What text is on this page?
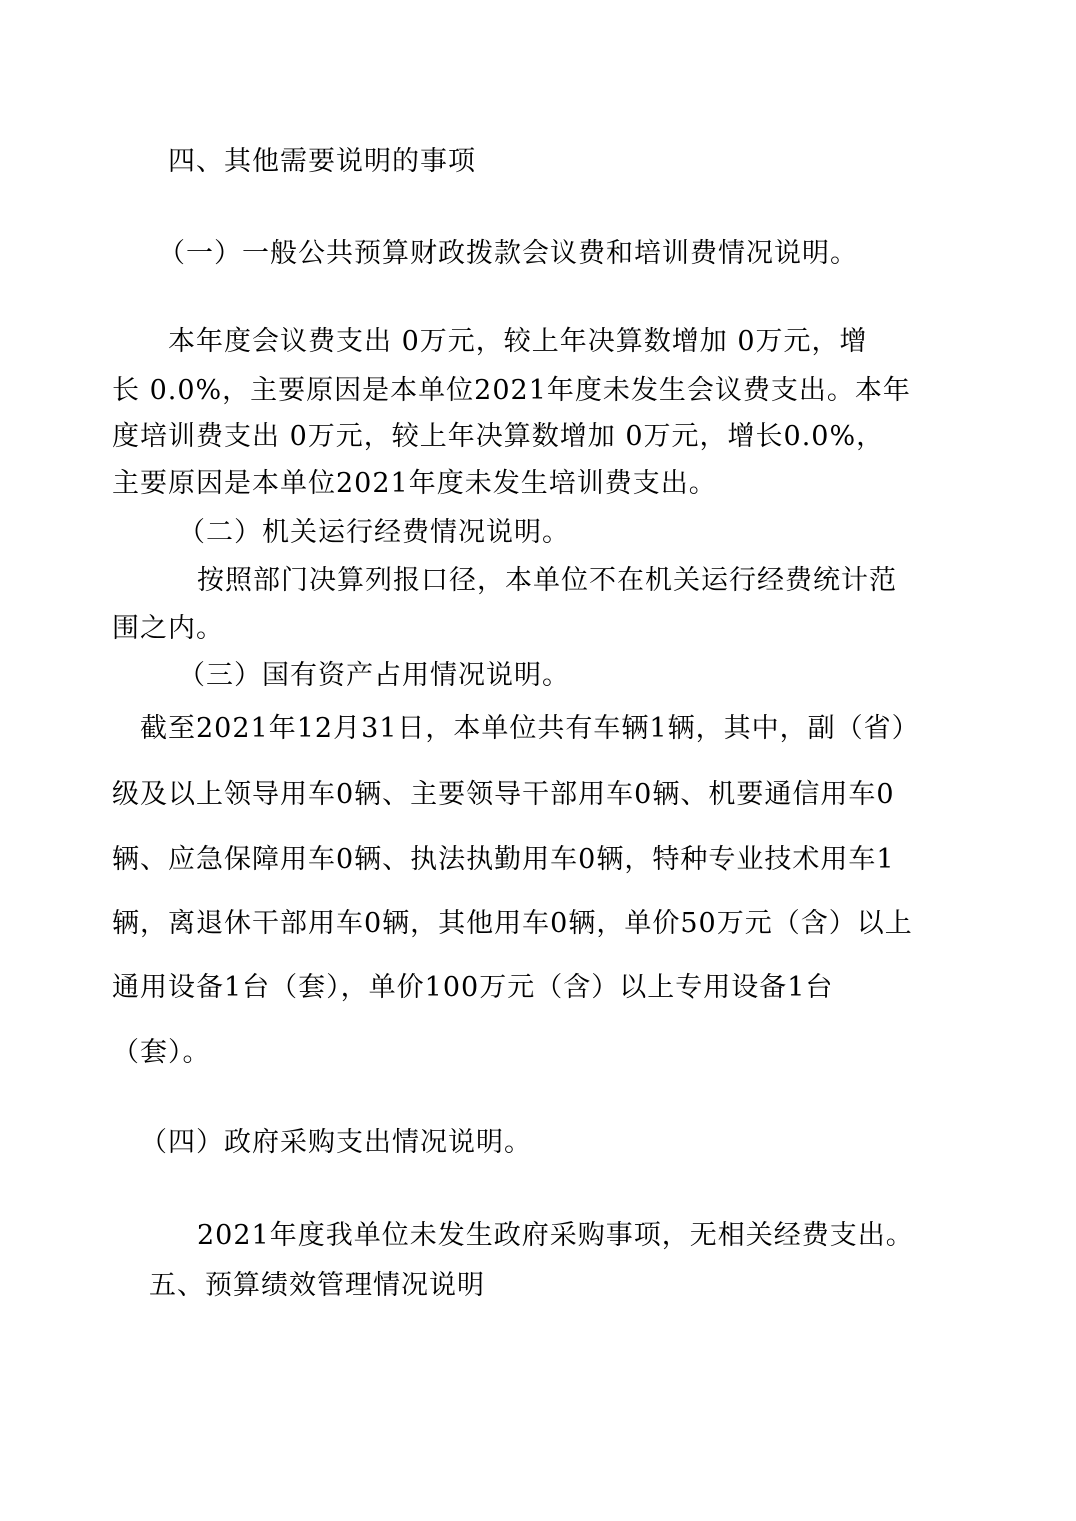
四、其他需要说明的事项
（一）一般公共预算财政拨款会议费和培训费情况说明。
本年度会议费支出 0万元，较上年决算数增加 0万元，增
长 0.0%，主要原因是本单位2021年度未发生会议费支出。本年
度培训费支出 0万元，较上年决算数增加 0万元，增长0.0%，
主要原因是本单位2021年度未发生培训费支出。
（二）机关运行经费情况说明。
按照部门决算列报口径，本单位不在机关运行经费统计范
围之内。
（三）国有资产占用情况说明。
截至2021年12月31日，本单位共有车辆1辆，其中，副（省）
级及以上领导用车0辆、主要领导干部用车0辆、机要通信用车0
辆、应急保障用车0辆、执法执勤用车0辆，特种专业技术用车1
辆，离退休干部用车0辆，其他用车0辆，单价50万元（含）以上
通用设备1台（套），单价100万元（含）以上专用设备1台
（套）。
（四）政府采购支出情况说明。
2021年度我单位未发生政府采购事项，无相关经费支出。
五、预算绩效管理情况说明
